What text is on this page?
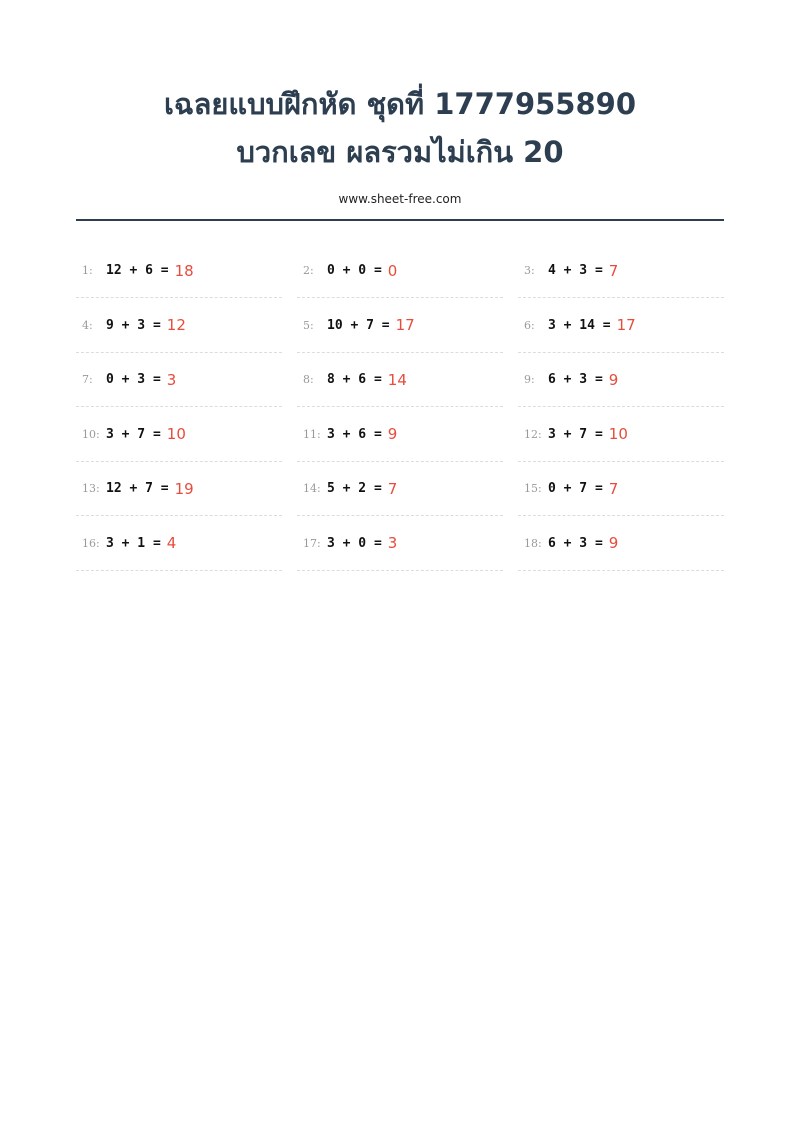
เฉลยแบบฝึกหัด ชุดที่ 1777955890
บวกเลข ผลรวมไม่เกิน 20
www.sheet-free.com
1:	12 + 6 = 18	2:	0 + 0 = 0	3:	4 + 3 = 7
4:	9 + 3 = 12	5:	10 + 7 = 17	6:	3 + 14 = 17
7:	0 + 3 = 3	8:	8 + 6 = 14	9:	6 + 3 = 9
10: 3 + 7 = 10	11: 3 + 6 = 9	12: 3 + 7 = 10
13: 12 + 7 = 19	14: 5 + 2 = 7	15: 0 + 7 = 7
16: 3 + 1 = 4	17: 3 + 0 = 3	18: 6 + 3 = 9
